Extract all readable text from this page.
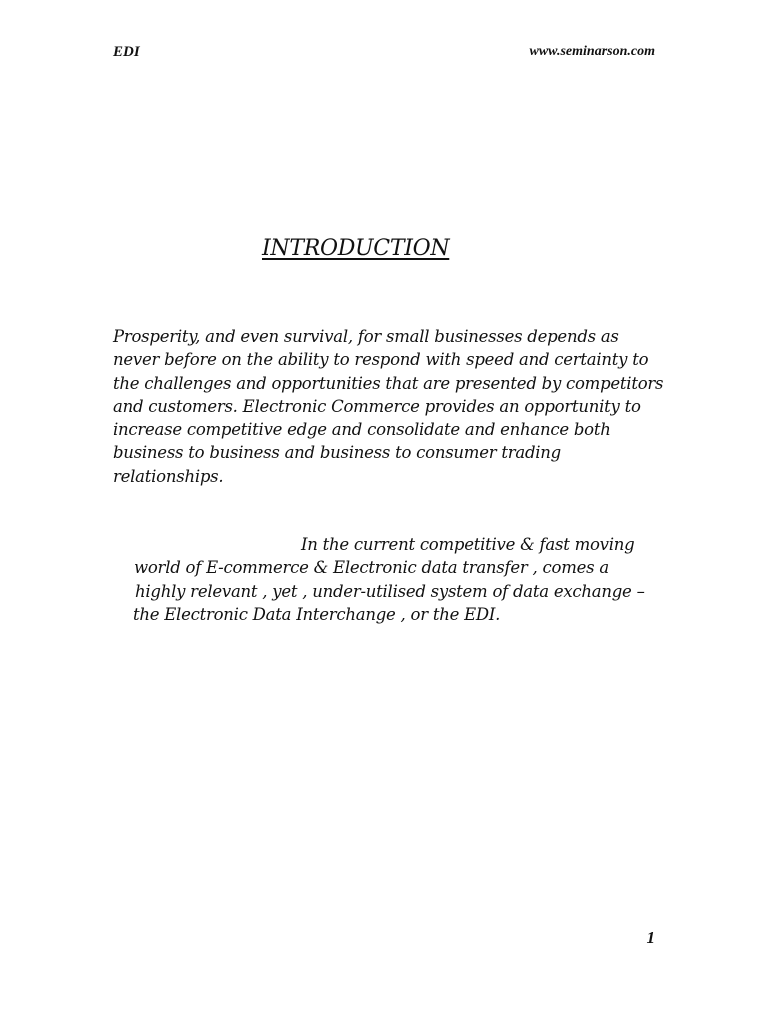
EDI	www.seminarson.com
INTRODUCTION
Prosperity, and even survival, for small businesses depends as
never before on the ability to respond with speed and certainty to
the challenges and opportunities that are presented by competitors
and customers. Electronic Commerce provides an opportunity to
increase competitive edge and consolidate and enhance both
business to business and business to consumer trading
relationships.
In the current competitive & fast moving
world of E-commerce & Electronic data transfer , comes a
highly relevant , yet , under-utilised system of data exchange –
the Electronic Data Interchange , or the EDI.
1
